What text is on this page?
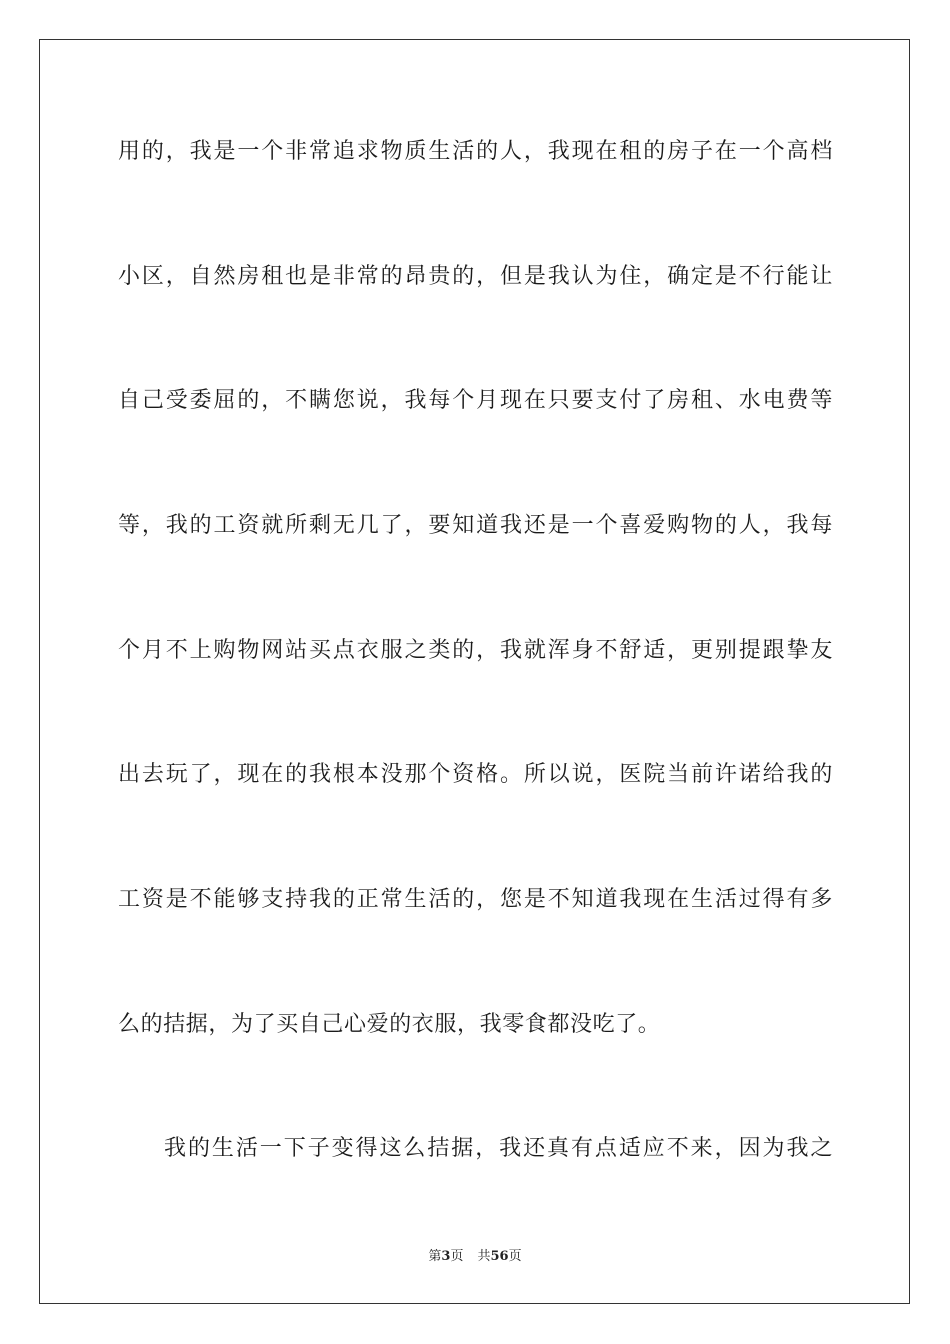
用的，我是一个非常追求物质生活的人，我现在租的房子在一个高档
小区，自然房租也是非常的昂贵的，但是我认为住，确定是不行能让
自己受委屈的，不瞒您说，我每个月现在只要支付了房租、水电费等
等，我的工资就所剩无几了，要知道我还是一个喜爱购物的人，我每
个月不上购物网站买点衣服之类的，我就浑身不舒适，更别提跟挚友
出去玩了，现在的我根本没那个资格。所以说，医院当前许诺给我的
工资是不能够支持我的正常生活的，您是不知道我现在生活过得有多
么的拮据，为了买自己心爱的衣服，我零食都没吃了。
我的生活一下子变得这么拮据，我还真有点适应不来，因为我之
第3页 共56页
